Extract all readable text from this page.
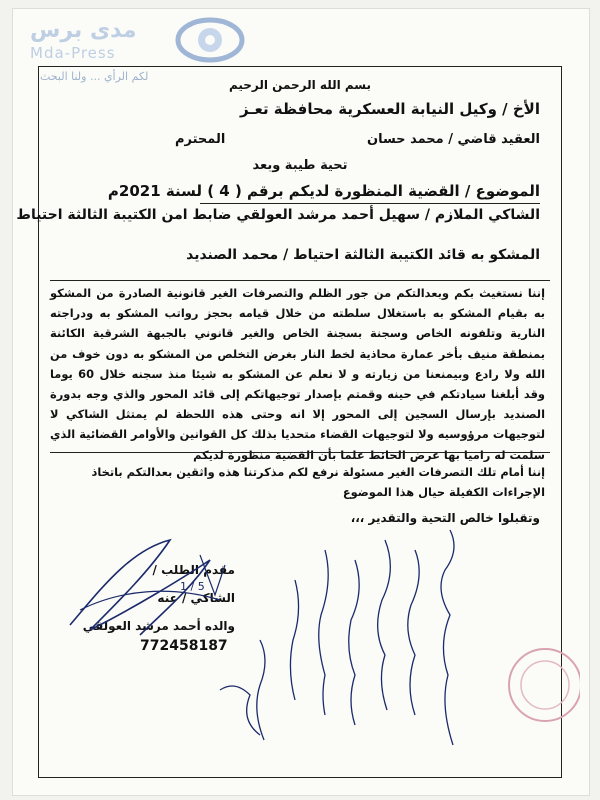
مدى برس
Mda-Press
لكم الرأي ... ولنا البحث
بسم الله الرحمن الرحيم
الأخ / وكيل النيابة العسكرية محافظة تعـز
العقيد قاضي / محمد حسان
المحترم
تحية طيبة وبعد
الموضوع / القضية المنظورة لديكم برقم ( 4 ) لسنة 2021م
الشاكي الملازم / سهيل أحمد مرشد العولقي ضابط امن الكتيبة الثالثة احتياط
المشكو به قائد الكتيبة الثالثة احتياط / محمد الصنديد
إننا نستغيث بكم وبعدالتكم من جور الظلم والتصرفات الغير قانونية الصادرة من المشكو به بقيام المشكو به باستغلال سلطته من خلال قيامه بحجز رواتب المشكو به ودراجته النارية وتلفونه الخاص وسجنة بسجنة الخاص والغير قانوني بالجبهة الشرقية الكائنة بمنطقة منيف بأخر عمارة محاذية لخط النار بغرض التخلص من المشكو به دون خوف من الله ولا رادع وبيمنعنا من زيارته و لا نعلم عن المشكو به شيئا منذ سجنه خلال 60 يوما وقد أبلغنا سيادتكم في حينه وقمتم بإصدار توجيهاتكم إلى قائد المحور والذي وجه بدورة الصنديد بإرسال السجين إلى المحور إلا انه وحتى هذه اللحظة لم يمتثل الشاكي لا لتوجيهات مرؤوسيه ولا لتوجيهات القضاء متحديا بذلك كل القوانين والأوامر القضائية الذي سلمت له راميا بها عرض الحائط علما بأن القضية منظورة لديكم
إننا أمام تلك التصرفات الغير مسئولة نرفع لكم مذكرتنا هذه واثقين بعدالتكم باتخاذ الإجراءات الكفيلة حيال هذا الموضوع
وتقبلوا خالص التحية والتقدير ،،،
مقدم الطلب /
الشاكي / عنه
والده أحمد مرشد العولقي
772458187
1 / 5
